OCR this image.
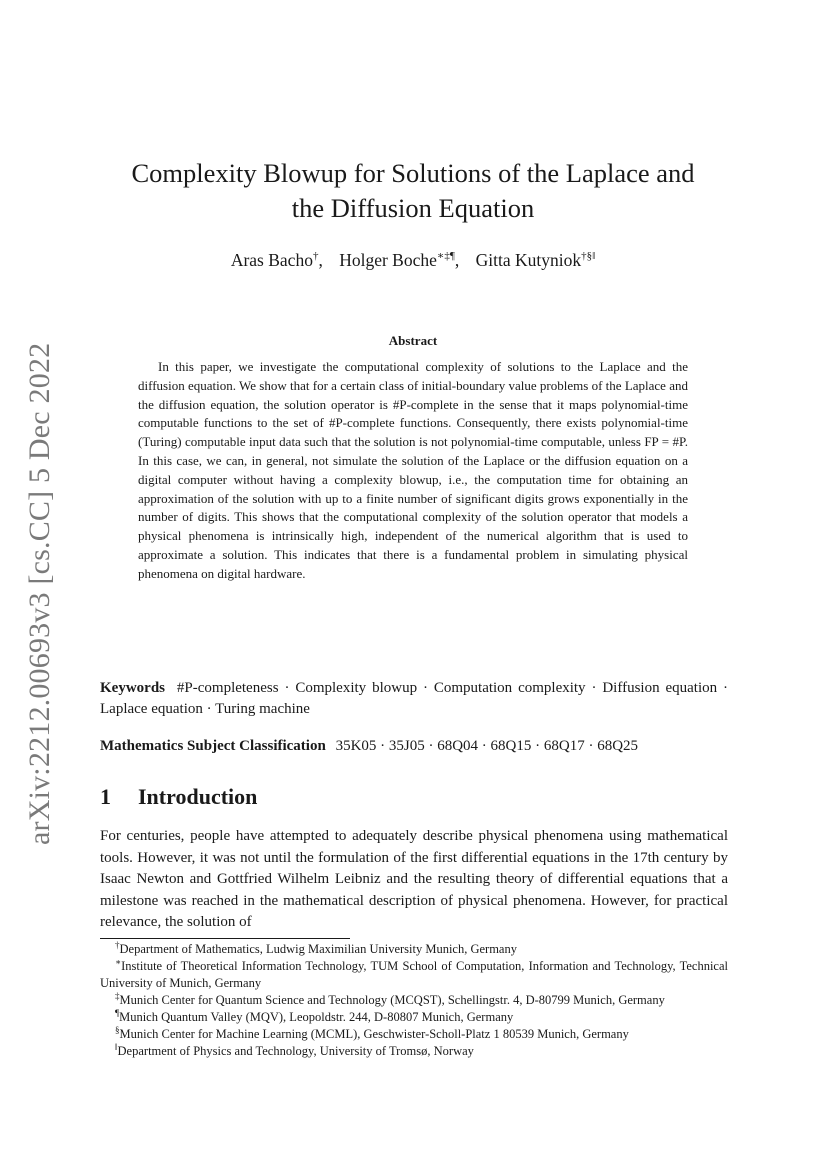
arXiv:2212.00693v3 [cs.CC] 5 Dec 2022
Complexity Blowup for Solutions of the Laplace and
the Diffusion Equation
Aras Bacho†, Holger Boche∗‡¶, Gitta Kutyniok†§‖
Abstract

In this paper, we investigate the computational complexity of solutions to the Laplace and the diffusion equation. We show that for a certain class of initial-boundary value problems of the Laplace and the diffusion equation, the solution operator is #P-complete in the sense that it maps polynomial-time computable functions to the set of #P-complete functions. Consequently, there exists polynomial-time (Turing) computable input data such that the solution is not polynomial-time computable, unless FP = #P. In this case, we can, in general, not simulate the solution of the Laplace or the diffusion equation on a digital computer without having a complexity blowup, i.e., the computation time for obtaining an approximation of the solution with up to a finite number of significant digits grows exponentially in the number of digits. This shows that the computational complexity of the solution operator that models a physical phenomena is intrinsically high, independent of the numerical algorithm that is used to approximate a solution. This indicates that there is a fundamental problem in simulating physical phenomena on digital hardware.

Keywords #P-completeness · Complexity blowup · Computation complexity · Diffusion equation · Laplace equation · Turing machine
Mathematics Subject Classification 35K05 · 35J05 · 68Q04 · 68Q15 · 68Q17 · 68Q25
1 Introduction

For centuries, people have attempted to adequately describe physical phenomena using mathematical tools. However, it was not until the formulation of the first differential equations in the 17th century by Isaac Newton and Gottfried Wilhelm Leibniz and the resulting theory of differential equations that a milestone was reached in the mathematical description of physical phenomena. However, for practical relevance, the solution of

†Department of Mathematics, Ludwig Maximilian University Munich, Germany

∗Institute of Theoretical Information Technology, TUM School of Computation, Information and Technology, Technical University of Munich, Germany

‡Munich Center for Quantum Science and Technology (MCQST), Schellingstr. 4, D-80799 Munich, Germany

¶Munich Quantum Valley (MQV), Leopoldstr. 244, D-80807 Munich, Germany

§Munich Center for Machine Learning (MCML), Geschwister-Scholl-Platz 1 80539 Munich, Germany

‖Department of Physics and Technology, University of Tromsø, Norway
